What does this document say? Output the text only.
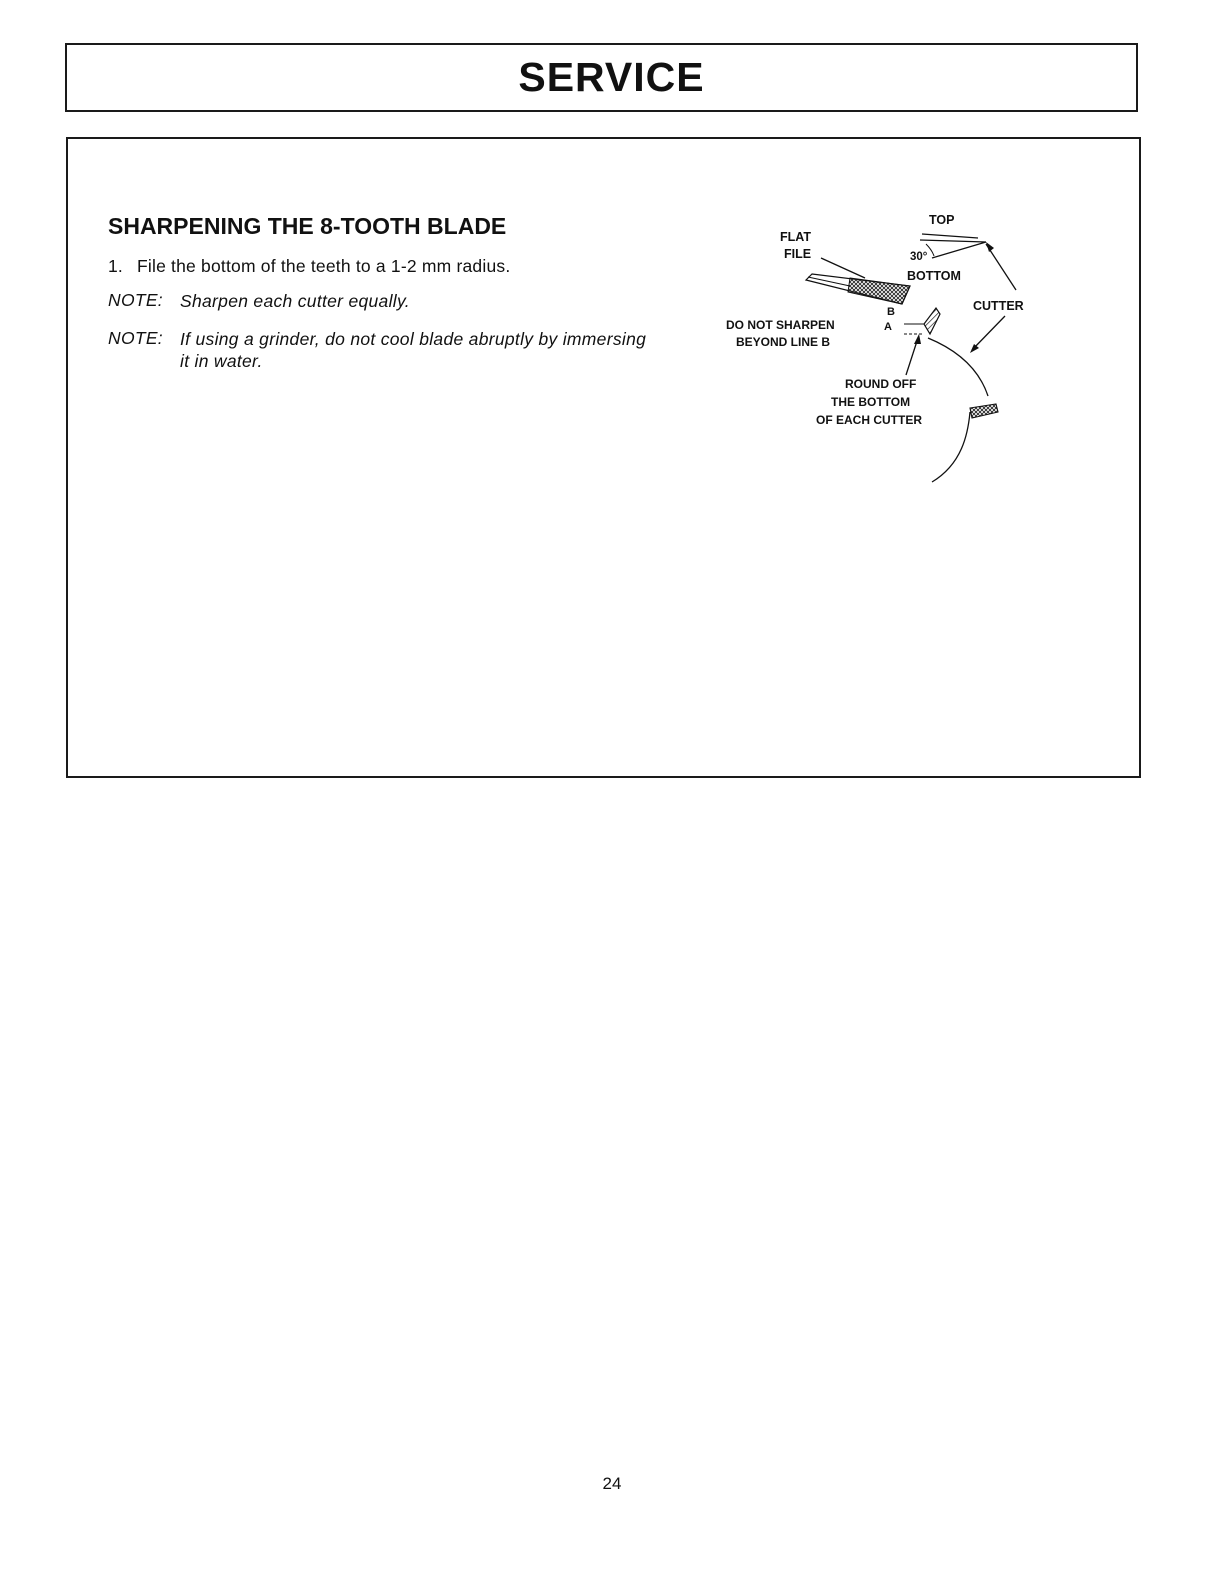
SERVICE
SHARPENING THE 8-TOOTH BLADE
1. File the bottom of the teeth to a 1-2 mm radius.
NOTE: Sharpen each cutter equally.
NOTE: If using a grinder, do not cool blade abruptly by immersing it in water.
TOP
FLAT
FILE	30°
BOTTOM
CUTTER
B
A
DO NOT SHARPEN
BEYOND LINE B
ROUND OFF
THE BOTTOM
OF EACH CUTTER
24
